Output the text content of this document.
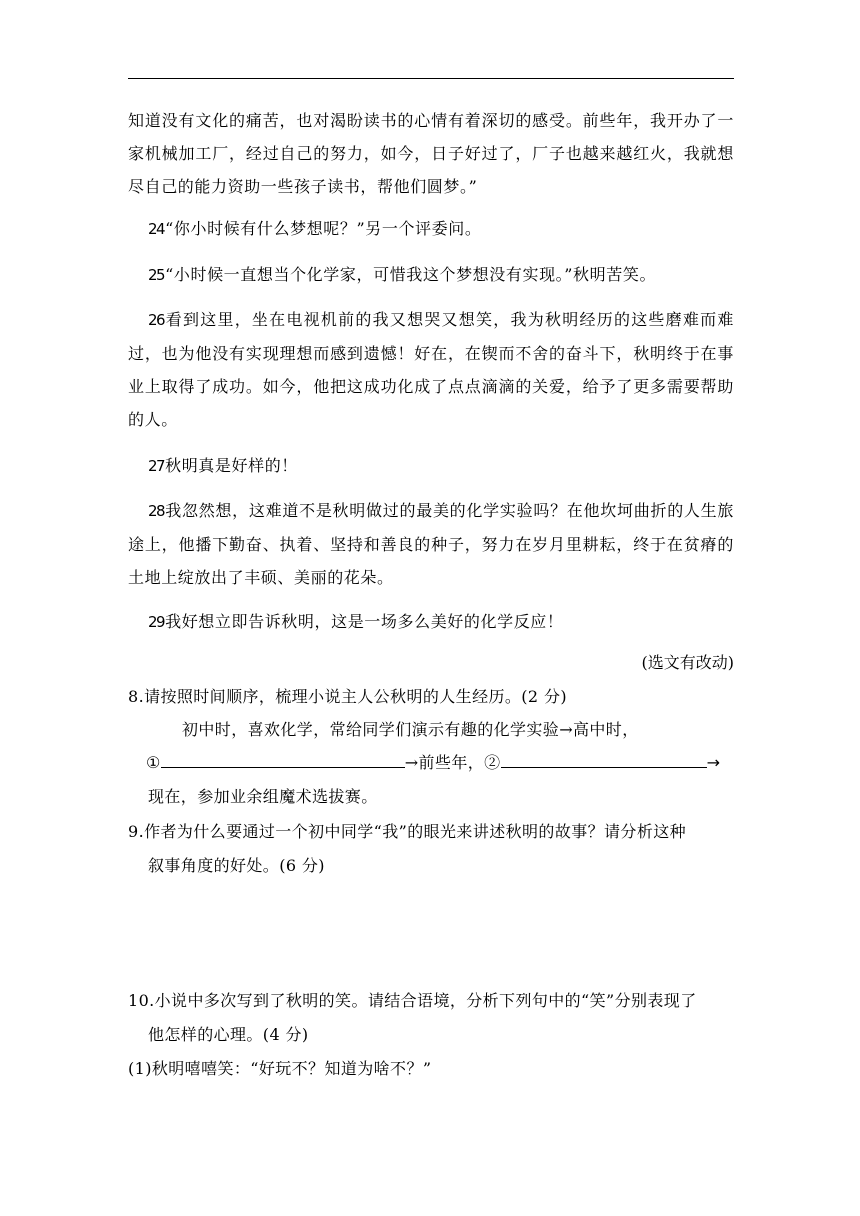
知道没有文化的痛苦，也对渴盼读书的心情有着深切的感受。前些年，我开办了一家机械加工厂，经过自己的努力，如今，日子好过了，厂子也越来越红火，我就想尽自己的能力资助一些孩子读书，帮他们圆梦。”
24“你小时候有什么梦想呢？”另一个评委问。
25“小时候一直想当个化学家，可惜我这个梦想没有实现。”秋明苦笑。
26看到这里，坐在电视机前的我又想哭又想笑，我为秋明经历的这些磨难而难过，也为他没有实现理想而感到遗憾！好在，在锲而不舍的奋斗下，秋明终于在事业上取得了成功。如今，他把这成功化成了点点滴滴的关爱，给予了更多需要帮助的人。
27秋明真是好样的！
28我忽然想，这难道不是秋明做过的最美的化学实验吗？在他坎坷曲折的人生旅途上，他播下勤奋、执着、坚持和善良的种子，努力在岁月里耕耘，终于在贫瘠的土地上绽放出了丰硕、美丽的花朵。
29我好想立即告诉秋明，这是一场多么美好的化学反应！
(选文有改动)
8.请按照时间顺序，梳理小说主人公秋明的人生经历。(2 分)
初中时，喜欢化学，常给同学们演示有趣的化学实验→高中时，
①	→前些年，②	→
现在，参加业余组魔术选拔赛。
9.作者为什么要通过一个初中同学“我”的眼光来讲述秋明的故事？请分析这种
叙事角度的好处。(6 分)
10.小说中多次写到了秋明的笑。请结合语境，分析下列句中的“笑”分别表现了
他怎样的心理。(4 分)
(1)秋明嘻嘻笑：“好玩不？知道为啥不？”
